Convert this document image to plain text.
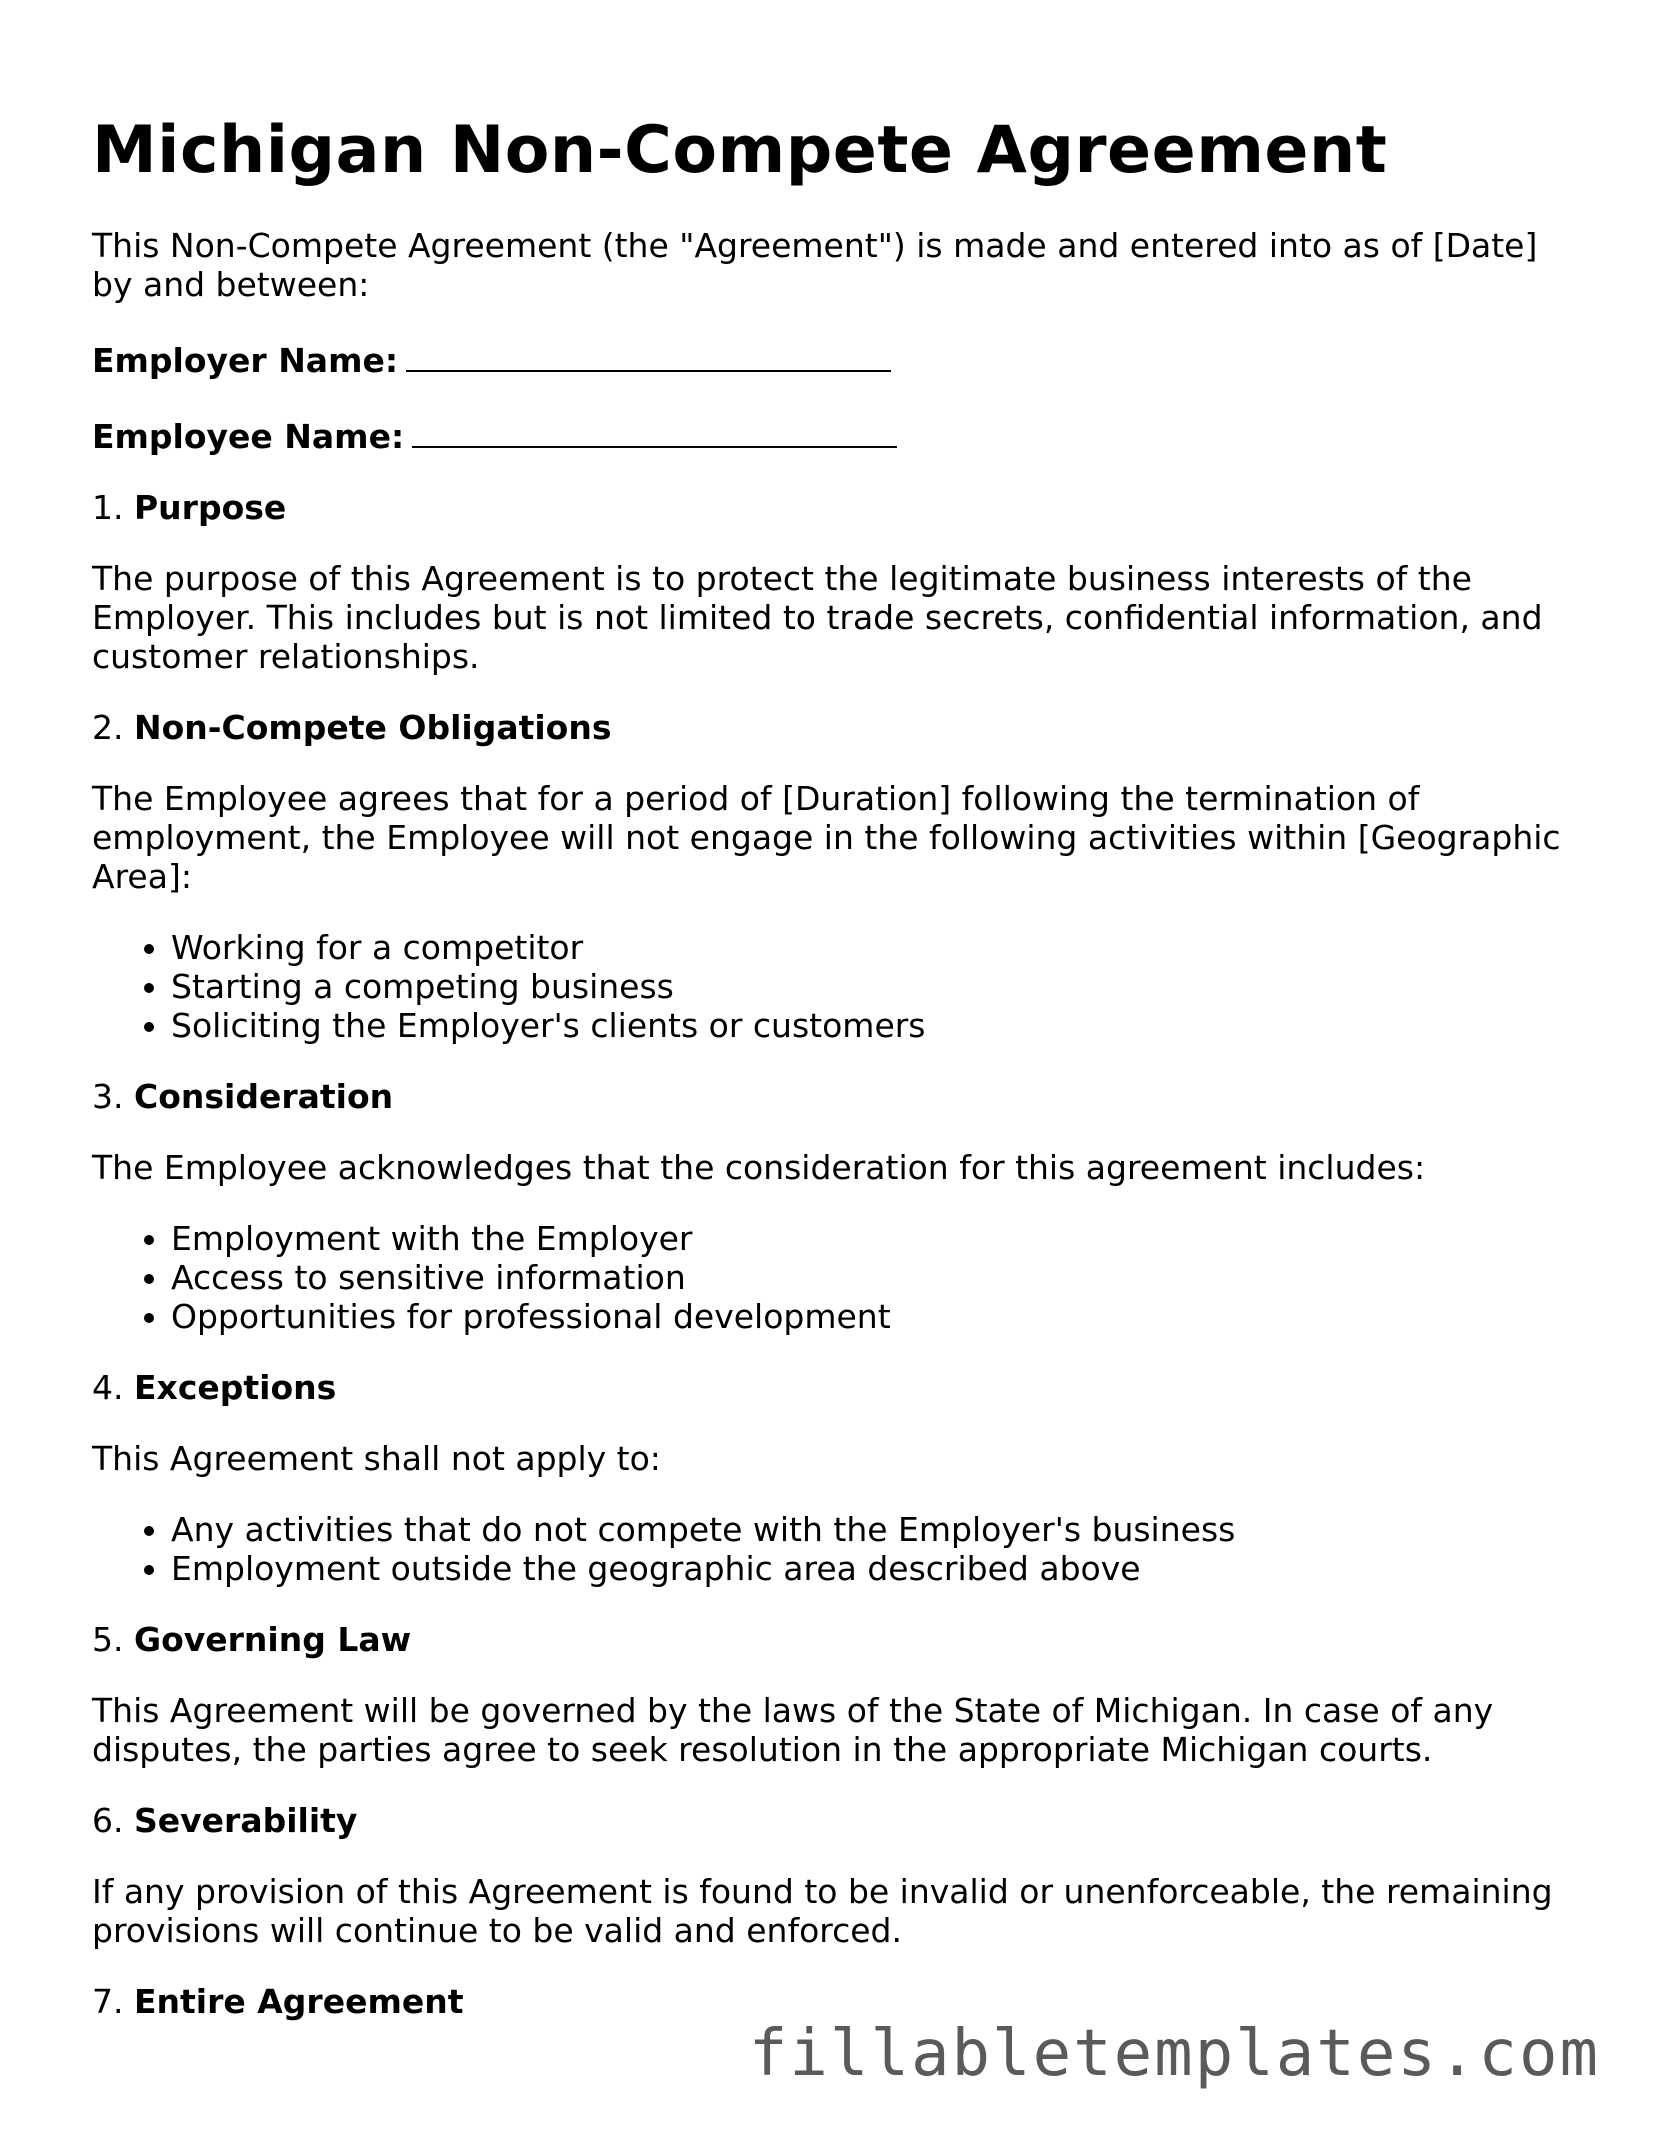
Michigan Non-Compete Agreement

This Non-Compete Agreement (the "Agreement") is made and entered into as of [Date] by and between:

Employer Name:
Employee Name:
1. Purpose

The purpose of this Agreement is to protect the legitimate business interests of the Employer. This includes but is not limited to trade secrets, confidential information, and customer relationships.

2. Non-Compete Obligations

The Employee agrees that for a period of [Duration] following the termination of employment, the Employee will not engage in the following activities within [Geographic Area]:

• Working for a competitor
• Starting a competing business
• Soliciting the Employer's clients or customers
3. Consideration

The Employee acknowledges that the consideration for this agreement includes:

• Employment with the Employer
• Access to sensitive information
• Opportunities for professional development
4. Exceptions

This Agreement shall not apply to:

• Any activities that do not compete with the Employer's business
• Employment outside the geographic area described above
5. Governing Law

This Agreement will be governed by the laws of the State of Michigan. In case of any disputes, the parties agree to seek resolution in the appropriate Michigan courts.

6. Severability

If any provision of this Agreement is found to be invalid or unenforceable, the remaining provisions will continue to be valid and enforced.

7. Entire Agreement
fillabletemplates.com
